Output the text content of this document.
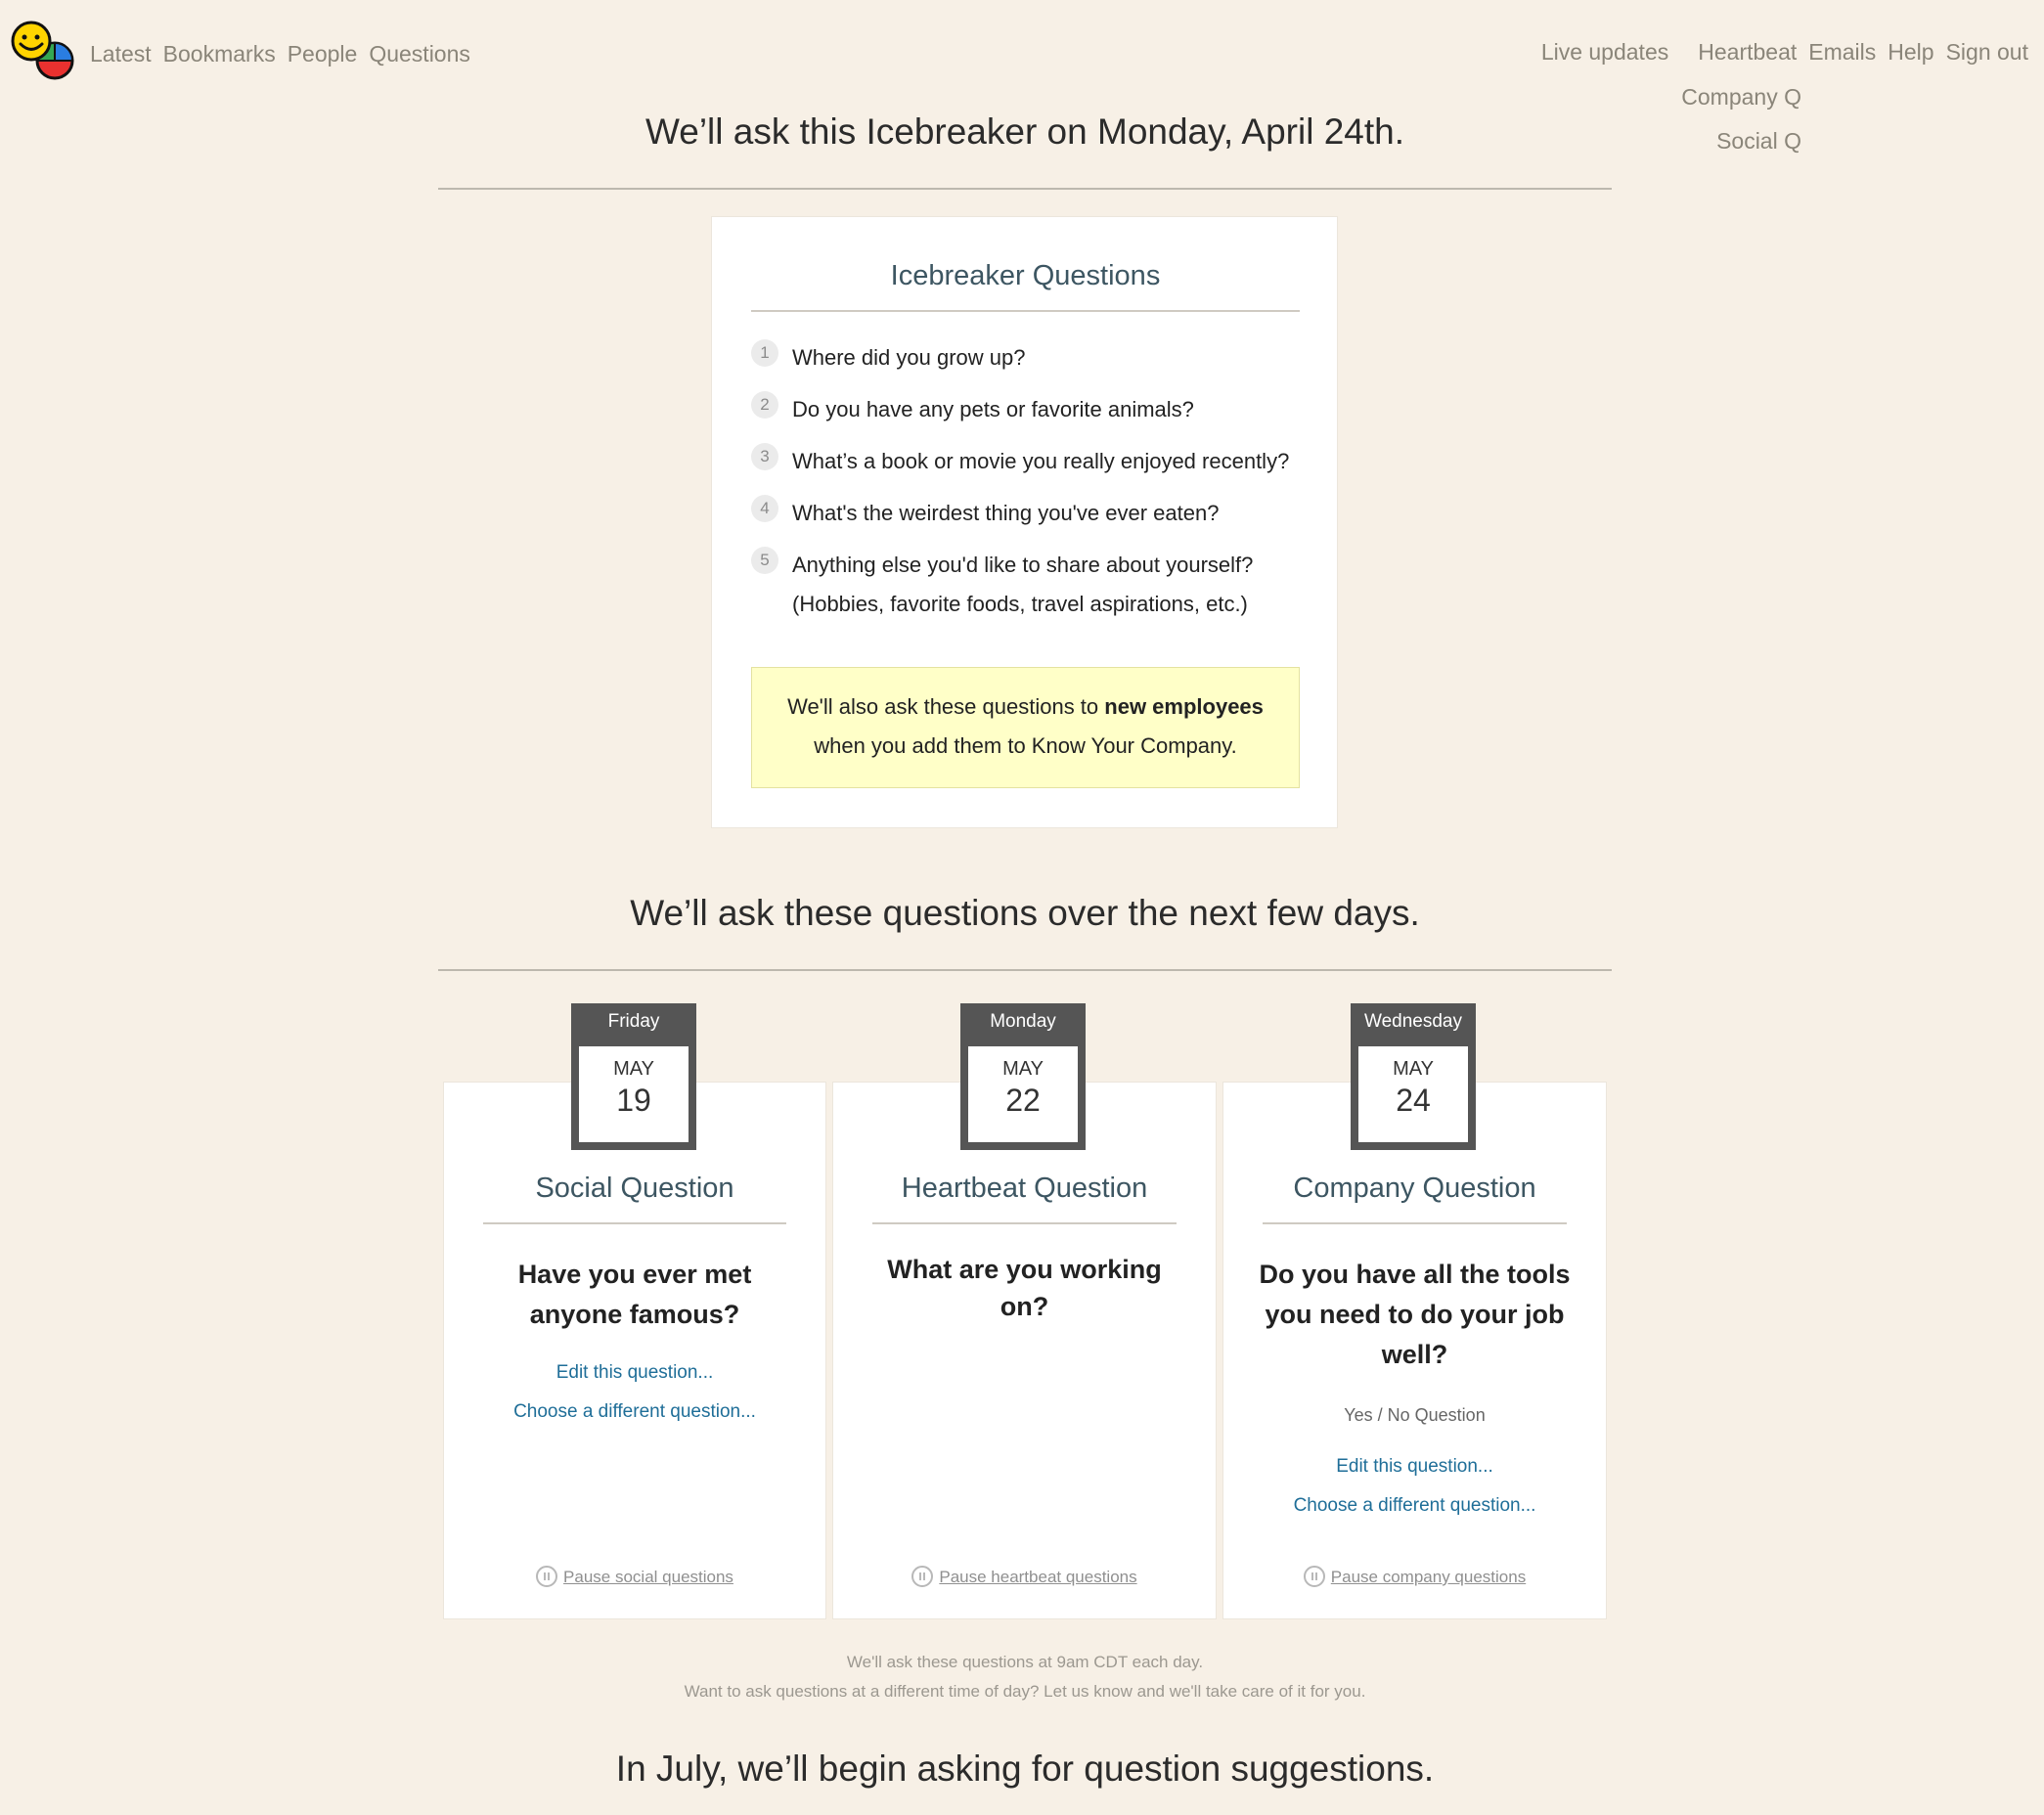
Latest Bookmarks People Questions	Live updates Heartbeat Emails Help Sign out
Company Q
Social Q
We’ll ask this Icebreaker on Monday, April 24th.
Icebreaker Questions
1	Where did you grow up?
2	Do you have any pets or favorite animals?
3	What’s a book or movie you really enjoyed recently?
4	What's the weirdest thing you've ever eaten?
5	Anything else you'd like to share about yourself?
(Hobbies, favorite foods, travel aspirations, etc.)
We'll also ask these questions to new employees
when you add them to Know Your Company.
We’ll ask these questions over the next few days.
Social Question
Have you ever met anyone famous?
Edit this question...
Choose a different question...
Pause social questions
Friday
MAY
19
Heartbeat Question
What are you working on?
Pause heartbeat questions
Monday
MAY
22
Company Question
Do you have all the tools you need to do your job well?
Yes / No Question
Edit this question...
Choose a different question...
Pause company questions
Wednesday
MAY
24
We'll ask these questions at 9am CDT each day.
Want to ask questions at a different time of day? Let us know and we'll take care of it for you.
In July, we’ll begin asking for question suggestions.
